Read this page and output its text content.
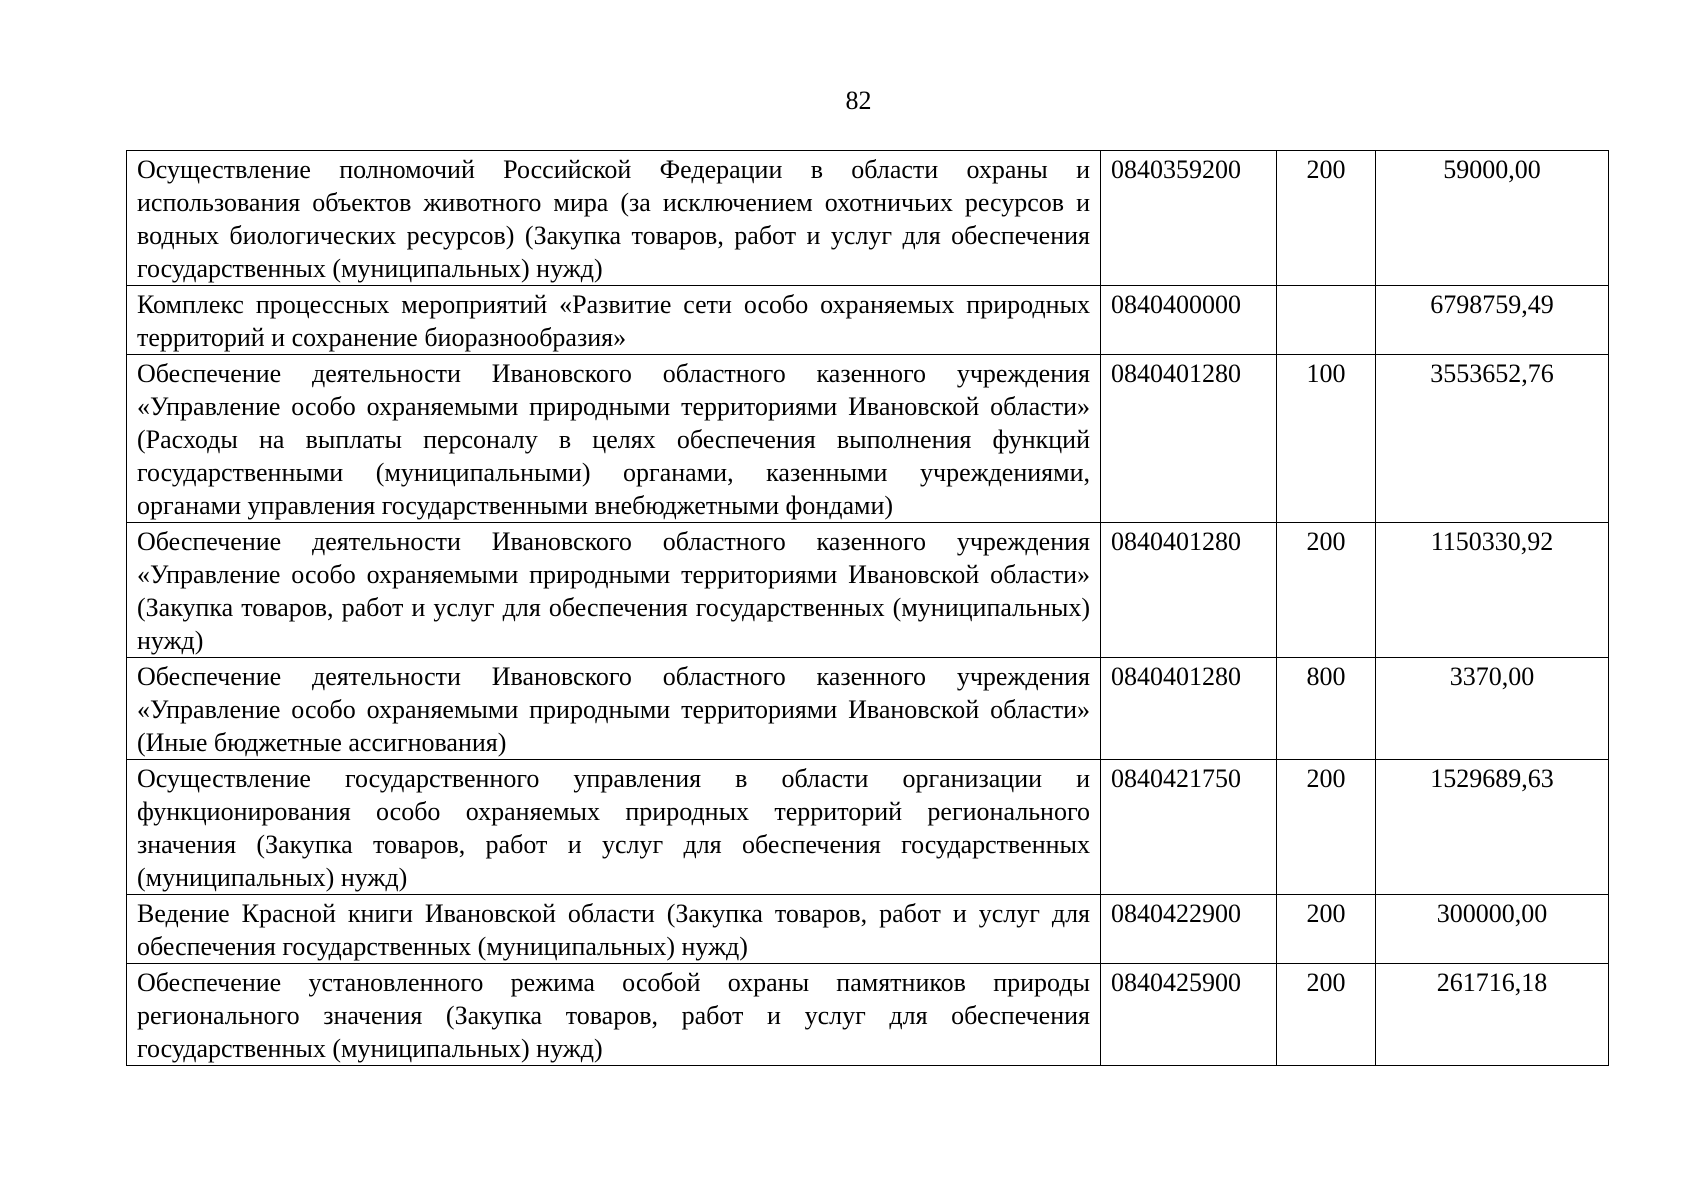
82
Осуществление полномочий Российской Федерации в области охраны и использования объектов животного мира (за исключением охотничьих ресурсов и водных биологических ресурсов) (Закупка товаров, работ и услуг для обеспечения государственных (муниципальных) нужд)	0840359200	200	59000,00
Комплекс процессных мероприятий «Развитие сети особо охраняемых природных территорий и сохранение биоразнообразия»	0840400000		6798759,49
Обеспечение деятельности Ивановского областного казенного учреждения «Управление особо охраняемыми природными территориями Ивановской области» (Расходы на выплаты персоналу в целях обеспечения выполнения функций государственными (муниципальными) органами, казенными учреждениями, органами управления государственными внебюджетными фондами)	0840401280	100	3553652,76
Обеспечение деятельности Ивановского областного казенного учреждения «Управление особо охраняемыми природными территориями Ивановской области» (Закупка товаров, работ и услуг для обеспечения государственных (муниципальных) нужд)	0840401280	200	1150330,92
Обеспечение деятельности Ивановского областного казенного учреждения «Управление особо охраняемыми природными территориями Ивановской области» (Иные бюджетные ассигнования)	0840401280	800	3370,00
Осуществление государственного управления в области организации и функционирования особо охраняемых природных территорий регионального значения (Закупка товаров, работ и услуг для обеспечения государственных (муниципальных) нужд)	0840421750	200	1529689,63
Ведение Красной книги Ивановской области (Закупка товаров, работ и услуг для обеспечения государственных (муниципальных) нужд)	0840422900	200	300000,00
Обеспечение установленного режима особой охраны памятников природы регионального значения (Закупка товаров, работ и услуг для обеспечения государственных (муниципальных) нужд)	0840425900	200	261716,18
